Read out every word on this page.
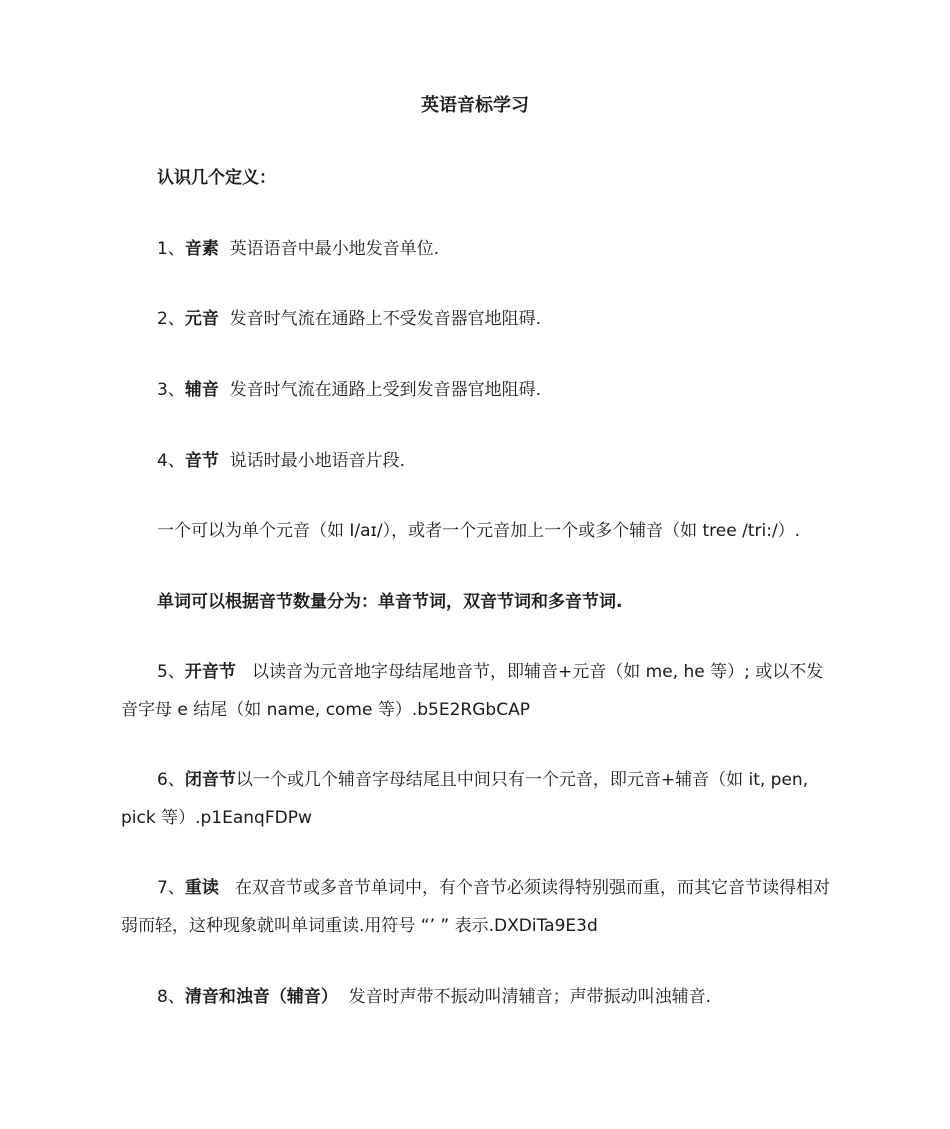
英语音标学习
认识几个定义：
1、音素  英语语音中最小地发音单位.
2、元音  发音时气流在通路上不受发音器官地阻碍.
3、辅音  发音时气流在通路上受到发音器官地阻碍.
4、音节  说话时最小地语音片段.
一个可以为单个元音（如 I/aɪ/），或者一个元音加上一个或多个辅音（如 tree /tri:/）.
单词可以根据音节数量分为：单音节词，双音节词和多音节词.
5、开音节   以读音为元音地字母结尾地音节，即辅音+元音（如 me, he 等）; 或以不发音字母 e 结尾（如 name, come 等）.b5E2RGbCAP
6、闭音节以一个或几个辅音字母结尾且中间只有一个元音，即元音+辅音（如 it, pen, pick 等）.p1EanqFDPw
7、重读   在双音节或多音节单词中，有个音节必须读得特别强而重，而其它音节读得相对弱而轻，这种现象就叫单词重读.用符号 “’ ” 表示.DXDiTa9E3d
8、清音和浊音（辅音）  发音时声带不振动叫清辅音；声带振动叫浊辅音.
